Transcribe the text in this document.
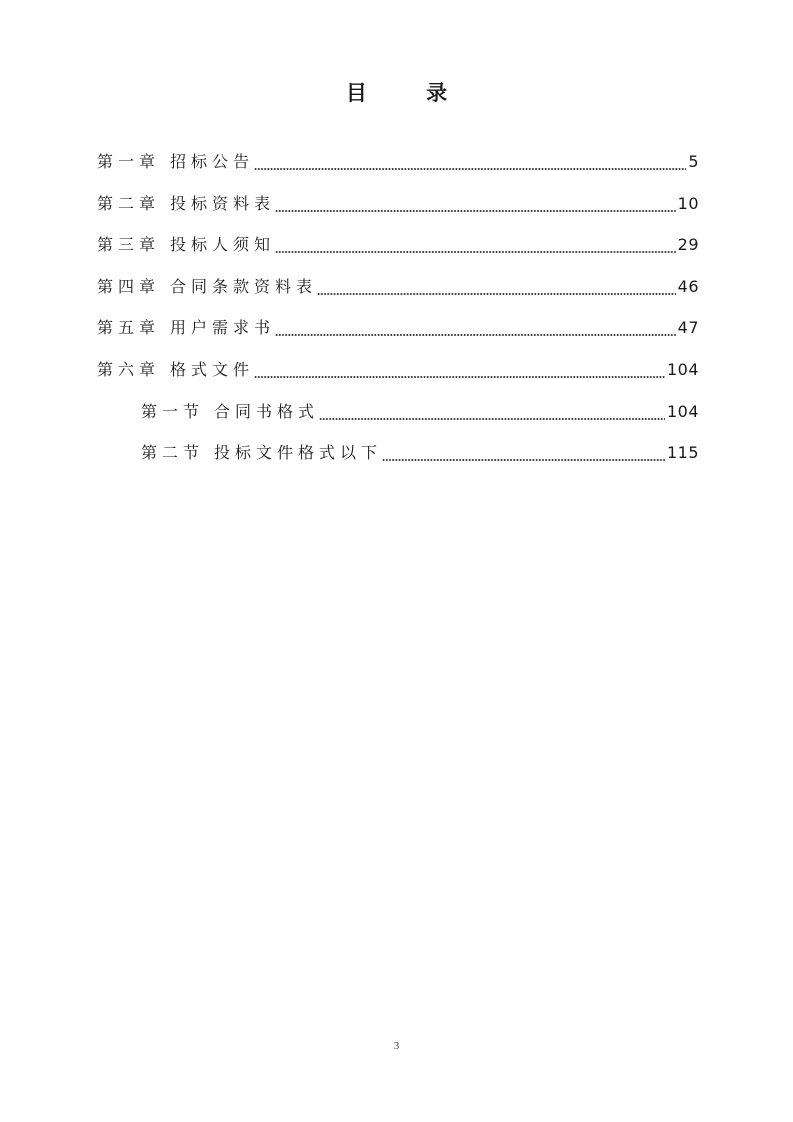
目 录
第一章 招标公告	5
第二章 投标资料表	10
第三章 投标人须知	29
第四章 合同条款资料表	46
第五章 用户需求书	47
第六章 格式文件	104
第一节 合同书格式	104
第二节 投标文件格式以下	115
3
